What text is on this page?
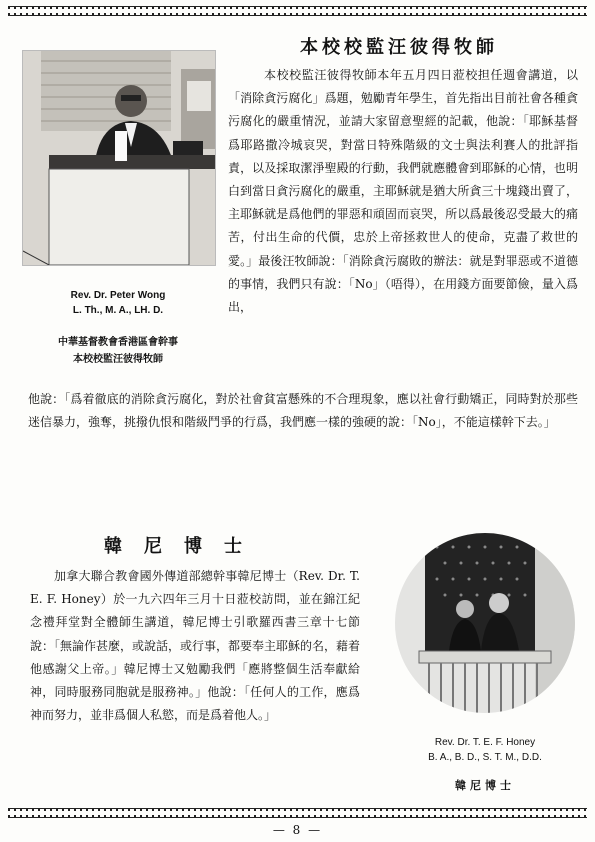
本校校監汪彼得牧師
Rev. Dr. Peter Wong
L. Th., M. A., LH. D.
中華基督教會香港區會幹事
本校校監汪彼得牧師
本校校監汪彼得牧師本年五月四日蒞校担任週會講道，以「消除貪污腐化」爲題，勉勵青年學生，首先指出目前社會各種貪污腐化的嚴重情況，並請大家留意聖經的記載，他說：「耶穌基督爲耶路撒冷城哀哭，對當日特殊階級的文士與法利賽人的批評指責，以及採取潔淨聖殿的行動，我們就應體會到耶穌的心情，也明白到當日貪污腐化的嚴重，主耶穌就是猶大所貪三十塊錢出賣了，主耶穌就是爲他們的罪惡和頑固而哀哭，所以爲最後忍受最大的痛苦，付出生命的代價，忠於上帝拯救世人的使命，克盡了救世的愛。」最後汪牧師說：「消除貪污腐敗的辦法：就是對罪惡或不道德的事情，我們只有說：「No」（唔得），在用錢方面要節儉，量入爲出，
他說：「爲着徹底的消除貪污腐化，對於社會貧富懸殊的不合理現象，應以社會行動矯正，同時對於那些迷信暴力，強奪，挑撥仇恨和階級鬥爭的行爲，我們應一樣的強硬的說：「No」，不能這樣幹下去。」
韓尼博士
加拿大聯合教會國外傳道部總幹事韓尼博士（Rev. Dr. T. E. F. Honey）於一九六四年三月十日蒞校訪問，並在錦江紀念禮拜堂對全體師生講道，韓尼博士引歌羅西書三章十七節說：「無論作甚麼，或說話，或行事，都要奉主耶穌的名，藉着他感謝父上帝。」韓尼博士又勉勵我們「應將整個生活奉獻給神，同時服務同胞就是服務神。」他說：「任何人的工作，應爲神而努力，並非爲個人私慾，而是爲着他人。」
Rev. Dr. T. E. F. Honey
B. A., B. D., S. T. M., D.D.
韓尼博士
— 8 —
